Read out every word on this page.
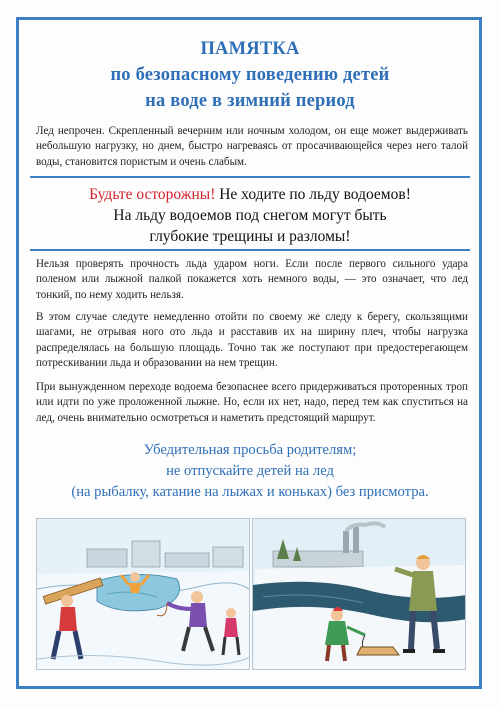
ПАМЯТКА
по безопасному поведению детей
на воде в зимний период
Лед непрочен. Скрепленный вечерним или ночным холодом, он еще может выдерживать небольшую нагрузку, но днем, быстро нагреваясь от просачивающейся через него талой воды, становится пористым и очень слабым.
Будьте осторожны! Не ходите по льду водоемов!
На льду водоемов под снегом могут быть
глубокие трещины и разломы!
Нельзя проверять прочность льда ударом ноги. Если после первого сильного удара поленом или лыжной палкой покажется хоть немного воды, — это означает, что лед тонкий, по нему ходить нельзя.
В этом случае следуте немедленно отойти по своему же следу к берегу, скользящими шагами, не отрывая ного ото льда и расставив их на ширину плеч, чтобы нагрузка распределялась на большую площадь. Точно так же поступают при предостерегающем потрескивании льда и образовании на нем трещин.
При вынужденном переходе водоема безопаснее всего придерживаться проторенных троп или идти по уже проложенной лыжне. Но, если их нет, надо, перед тем как спуститься на лед, очень внимательно осмотреться и наметить предстоящий маршрут.
Убедительная просьба родителям;
не отпускайте детей на лед
(на рыбалку, катание на лыжах и коньках) без присмотра.
